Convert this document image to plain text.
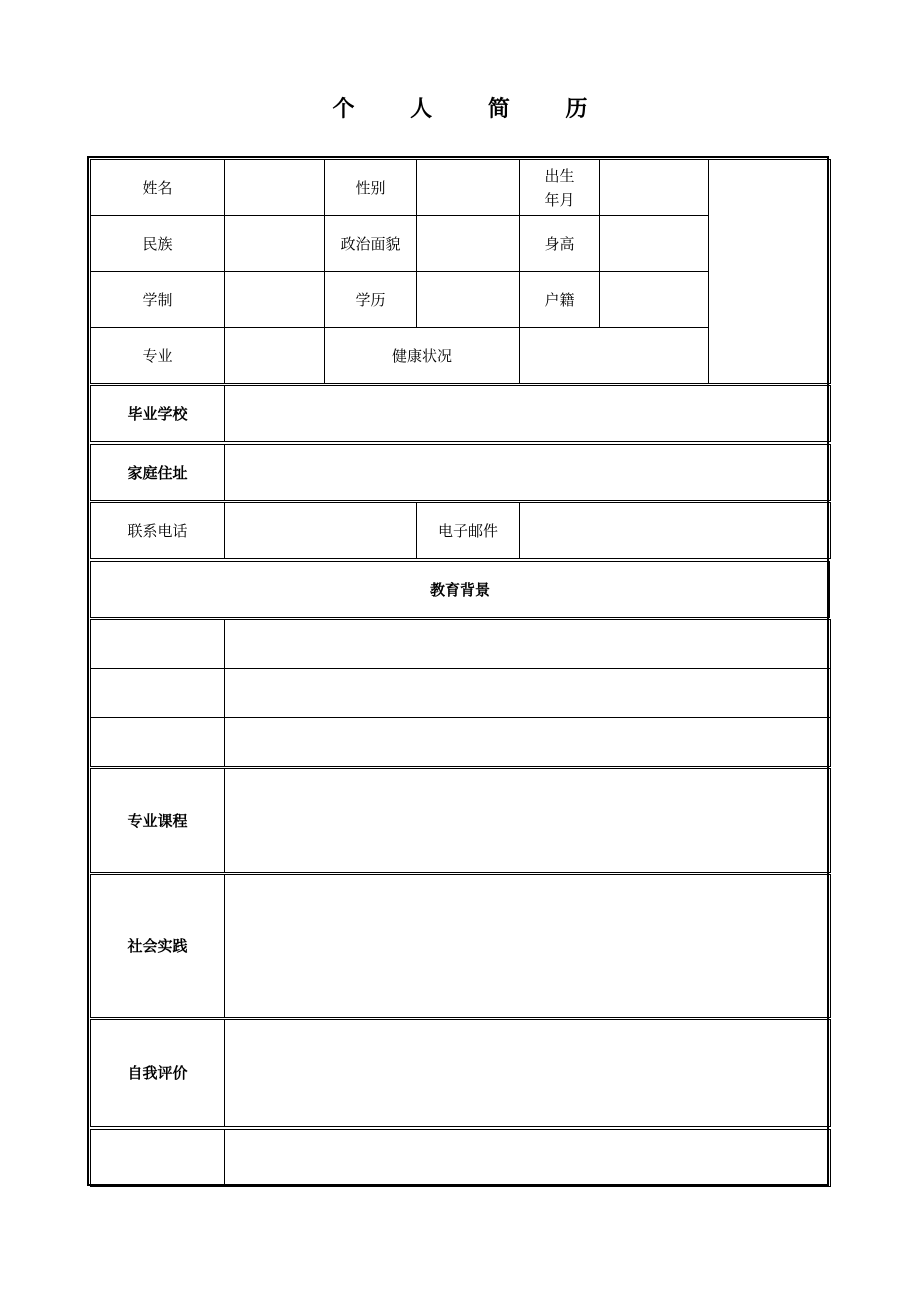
个 人 简 历
姓名		性别		出生
年月		

民族		政治面貌		身高		
学制		学历		户籍		
专业		健康状况				
毕业学校	
家庭住址	
联系电话		电子邮件	
教育背景

专业课程	
社会实践	
自我评价	
